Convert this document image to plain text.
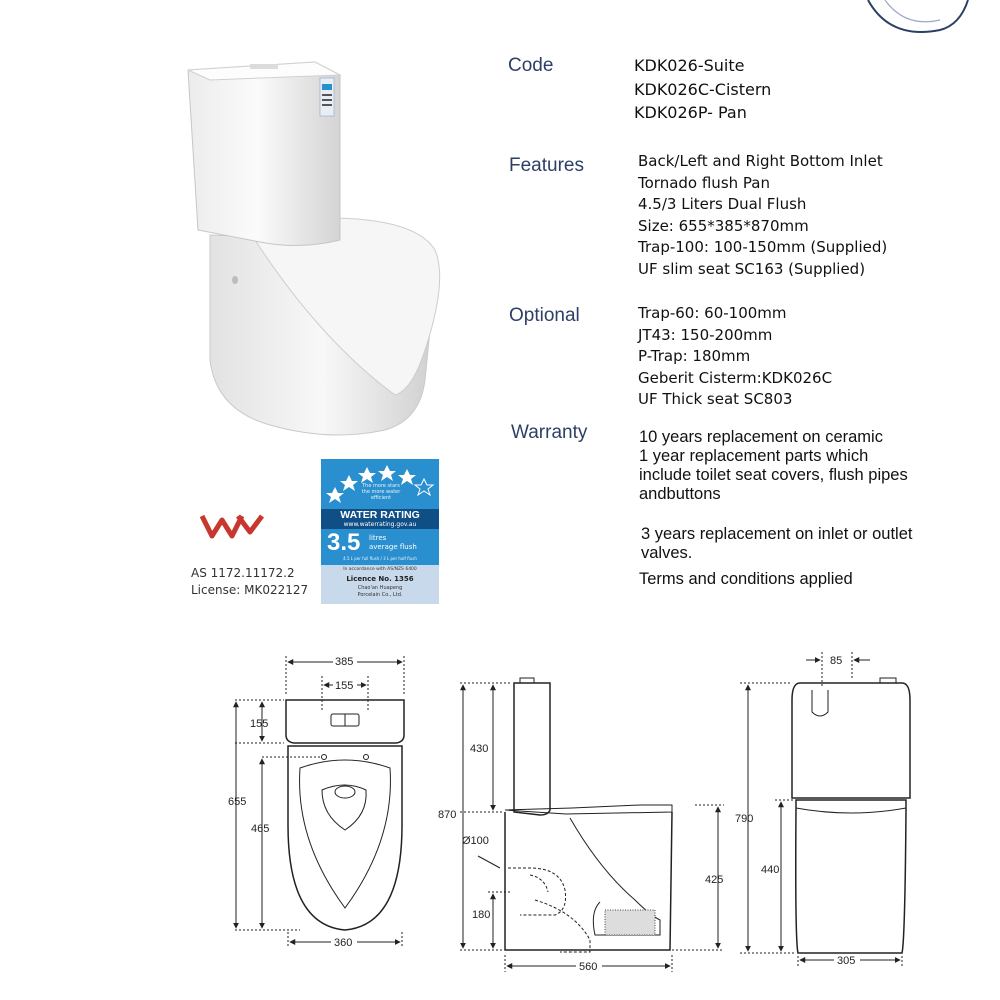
Code	KDK026-Suite
KDK026C-Cistern
KDK026P- Pan
Features	Back/Left and Right Bottom Inlet
Tornado flush Pan
4.5/3 Liters Dual Flush
Size: 655*385*870mm
Trap-100: 100-150mm (Supplied)
UF slim seat SC163 (Supplied)
Optional	Trap-60: 60-100mm
JT43: 150-200mm
P-Trap: 180mm
Geberit Cisterm:KDK026C
UF Thick seat SC803
Warranty	10 years replacement on ceramic
1 year replacement parts which
include toilet seat covers, flush pipes
andbuttons
3 years replacement on inlet or outlet
valves.
Terms and conditions applied
AS 1172.11172.2
License: MK022127
The more stars the more water efficient
WATER RATING
www.waterrating.gov.au
3.5 litres
average flush
4.5 L per full flush / 3 L per half flush
In accordance with AS/NZS 6400
Licence No. 1356
Chao'an Huapeng
Porcelain Co., Ltd.
385
155
155
655
465
360
430
870
Ø100
425
180
560
85
790
440
305
